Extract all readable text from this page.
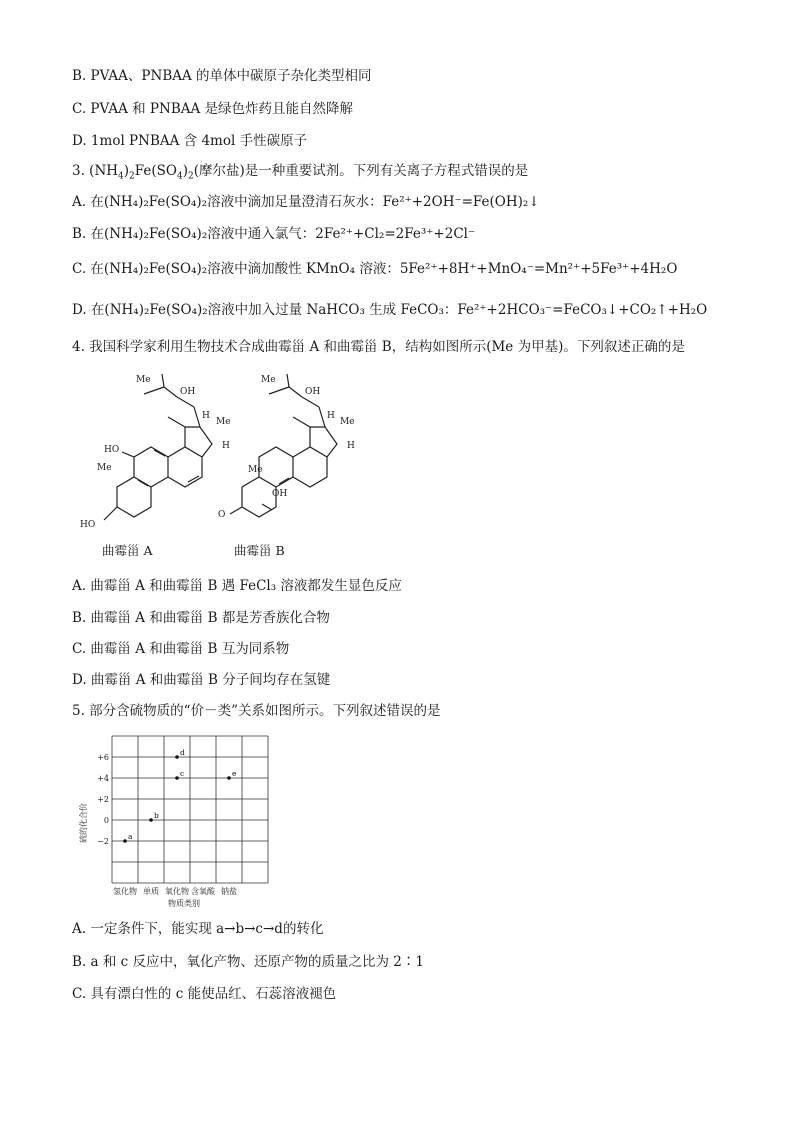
B. PVAA、PNBAA 的单体中碳原子杂化类型相同
C. PVAA 和 PNBAA 是绿色炸药且能自然降解
D. 1mol PNBAA 含 4mol 手性碳原子
3. $(NH_4)_2Fe(SO_4)_2$(摩尔盐)是一种重要试剂。下列有关离子方程式错误的是
A. 在(NH₄)₂Fe(SO₄)₂溶液中滴加足量澄清石灰水：Fe²⁺+2OH⁻=Fe(OH)₂↓
B. 在(NH₄)₂Fe(SO₄)₂溶液中通入氯气：2Fe²⁺+Cl₂=2Fe³⁺+2Cl⁻
C. 在(NH₄)₂Fe(SO₄)₂溶液中滴加酸性 KMnO₄ 溶液：5Fe²⁺+8H⁺+MnO₄⁻=Mn²⁺+5Fe³⁺+4H₂O
D. 在(NH₄)₂Fe(SO₄)₂溶液中加入过量 NaHCO₃ 生成 FeCO₃：Fe²⁺+2HCO₃⁻=FeCO₃↓+CO₂↑+H₂O
4. 我国科学家利用生物技术合成曲霉甾 A 和曲霉甾 B，结构如图所示(Me 为甲基)。下列叙述正确的是
Me
OH
Me
H
H
HO
Me
HO
Me
OH
H
Me
H
Me
OH
O
曲霉甾 A	曲霉甾 B
A. 曲霉甾 A 和曲霉甾 B 遇 FeCl₃ 溶液都发生显色反应
B. 曲霉甾 A 和曲霉甾 B 都是芳香族化合物
C. 曲霉甾 A 和曲霉甾 B 互为同系物
D. 曲霉甾 A 和曲霉甾 B 分子间均存在氢键
5. 部分含硫物质的“价－类”关系如图所示。下列叙述错误的是
+6
+4
+2
0
−2
氢化物 单质 氧化物 含氧酸 钠盐
a
b
c
d
e
硫的化合价
物质类别
A. 一定条件下，能实现 a→b→c→d的转化
B. a 和 c 反应中，氧化产物、还原产物的质量之比为 2∶1
C. 具有漂白性的 c 能使品红、石蕊溶液褪色
